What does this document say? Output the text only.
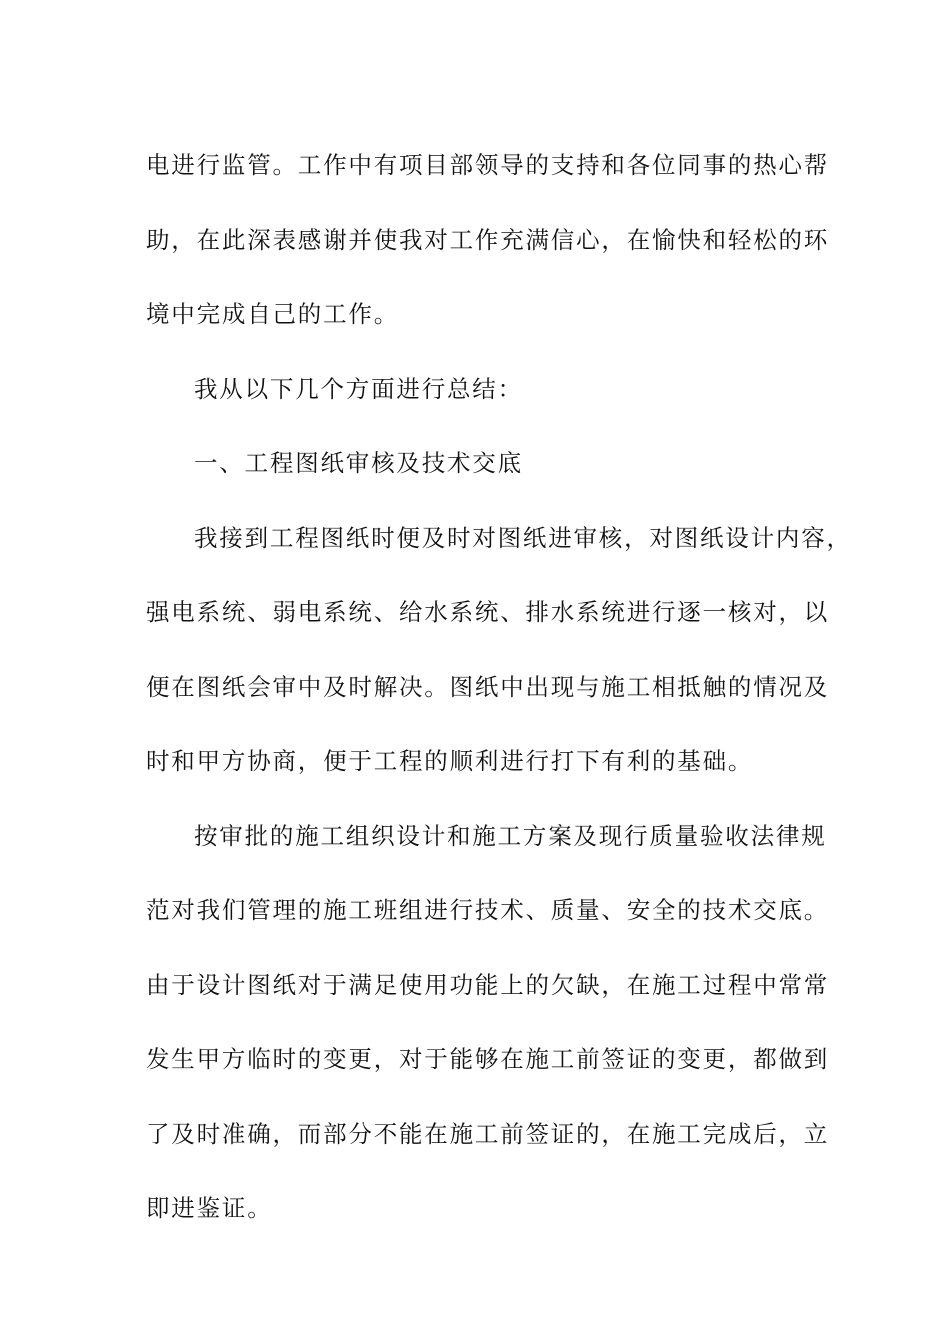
电进行监管。工作中有项目部领导的支持和各位同事的热心帮
助，在此深表感谢并使我对工作充满信心，在愉快和轻松的环
境中完成自己的工作。

我从以下几个方面进行总结：

一、工程图纸审核及技术交底

我接到工程图纸时便及时对图纸进审核，对图纸设计内容，
强电系统、弱电系统、给水系统、排水系统进行逐一核对，以
便在图纸会审中及时解决。图纸中出现与施工相抵触的情况及
时和甲方协商，便于工程的顺利进行打下有利的基础。

按审批的施工组织设计和施工方案及现行质量验收法律规
范对我们管理的施工班组进行技术、质量、安全的技术交底。
由于设计图纸对于满足使用功能上的欠缺，在施工过程中常常
发生甲方临时的变更，对于能够在施工前签证的变更，都做到
了及时准确，而部分不能在施工前签证的，在施工完成后，立
即进鉴证。
